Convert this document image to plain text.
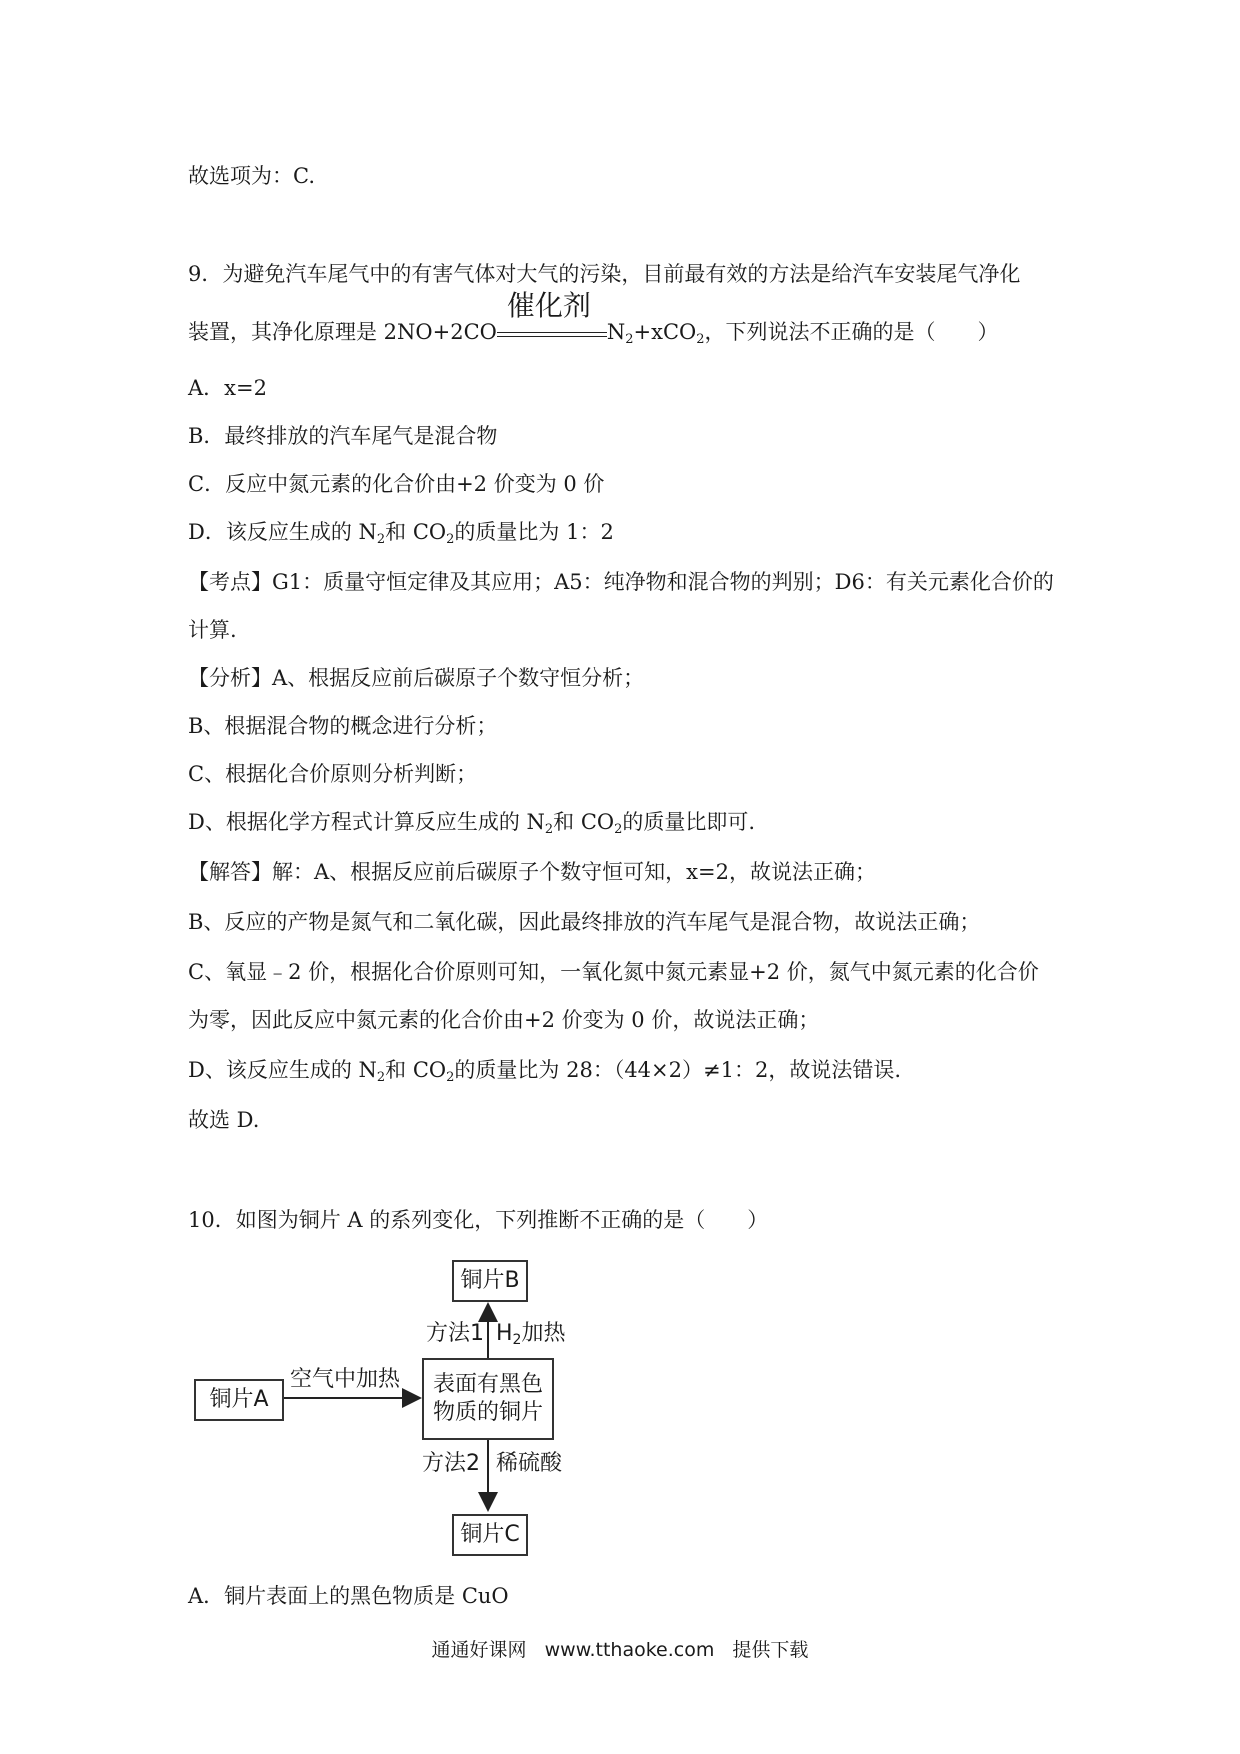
故选项为：C.
9．为避免汽车尾气中的有害气体对大气的污染，目前最有效的方法是给汽车安装尾气净化
装置，其净化原理是 2NO+2CO
催化剂
$N_2+xCO_2$，下列说法不正确的是（　　）
A．x=2
B．最终排放的汽车尾气是混合物
C．反应中氮元素的化合价由+2 价变为 0 价
D．该反应生成的 $N_2$和 $CO_2$的质量比为 1：2
【考点】G1：质量守恒定律及其应用；A5：纯净物和混合物的判别；D6：有关元素化合价的
计算.
【分析】A、根据反应前后碳原子个数守恒分析；
B、根据混合物的概念进行分析；
C、根据化合价原则分析判断；
D、根据化学方程式计算反应生成的 $N_2$和 $CO_2$的质量比即可.
【解答】解：A、根据反应前后碳原子个数守恒可知，x=2，故说法正确；
B、反应的产物是氮气和二氧化碳，因此最终排放的汽车尾气是混合物，故说法正确；
C、氧显﹣2 价，根据化合价原则可知，一氧化氮中氮元素显+2 价，氮气中氮元素的化合价
为零，因此反应中氮元素的化合价由+2 价变为 0 价，故说法正确；
D、该反应生成的 $N_2$和 $CO_2$的质量比为 28：（44×2）≠1：2，故说法错误.
故选 D.
10．如图为铜片 A 的系列变化，下列推断不正确的是（　　）
铜片B
铜片A
表面有黑色
物质的铜片
铜片C
空气中加热
方法1 H2加热
方法2 稀硫酸
A．铜片表面上的黑色物质是 CuO
通通好课网 www.tthaoke.com 提供下载
